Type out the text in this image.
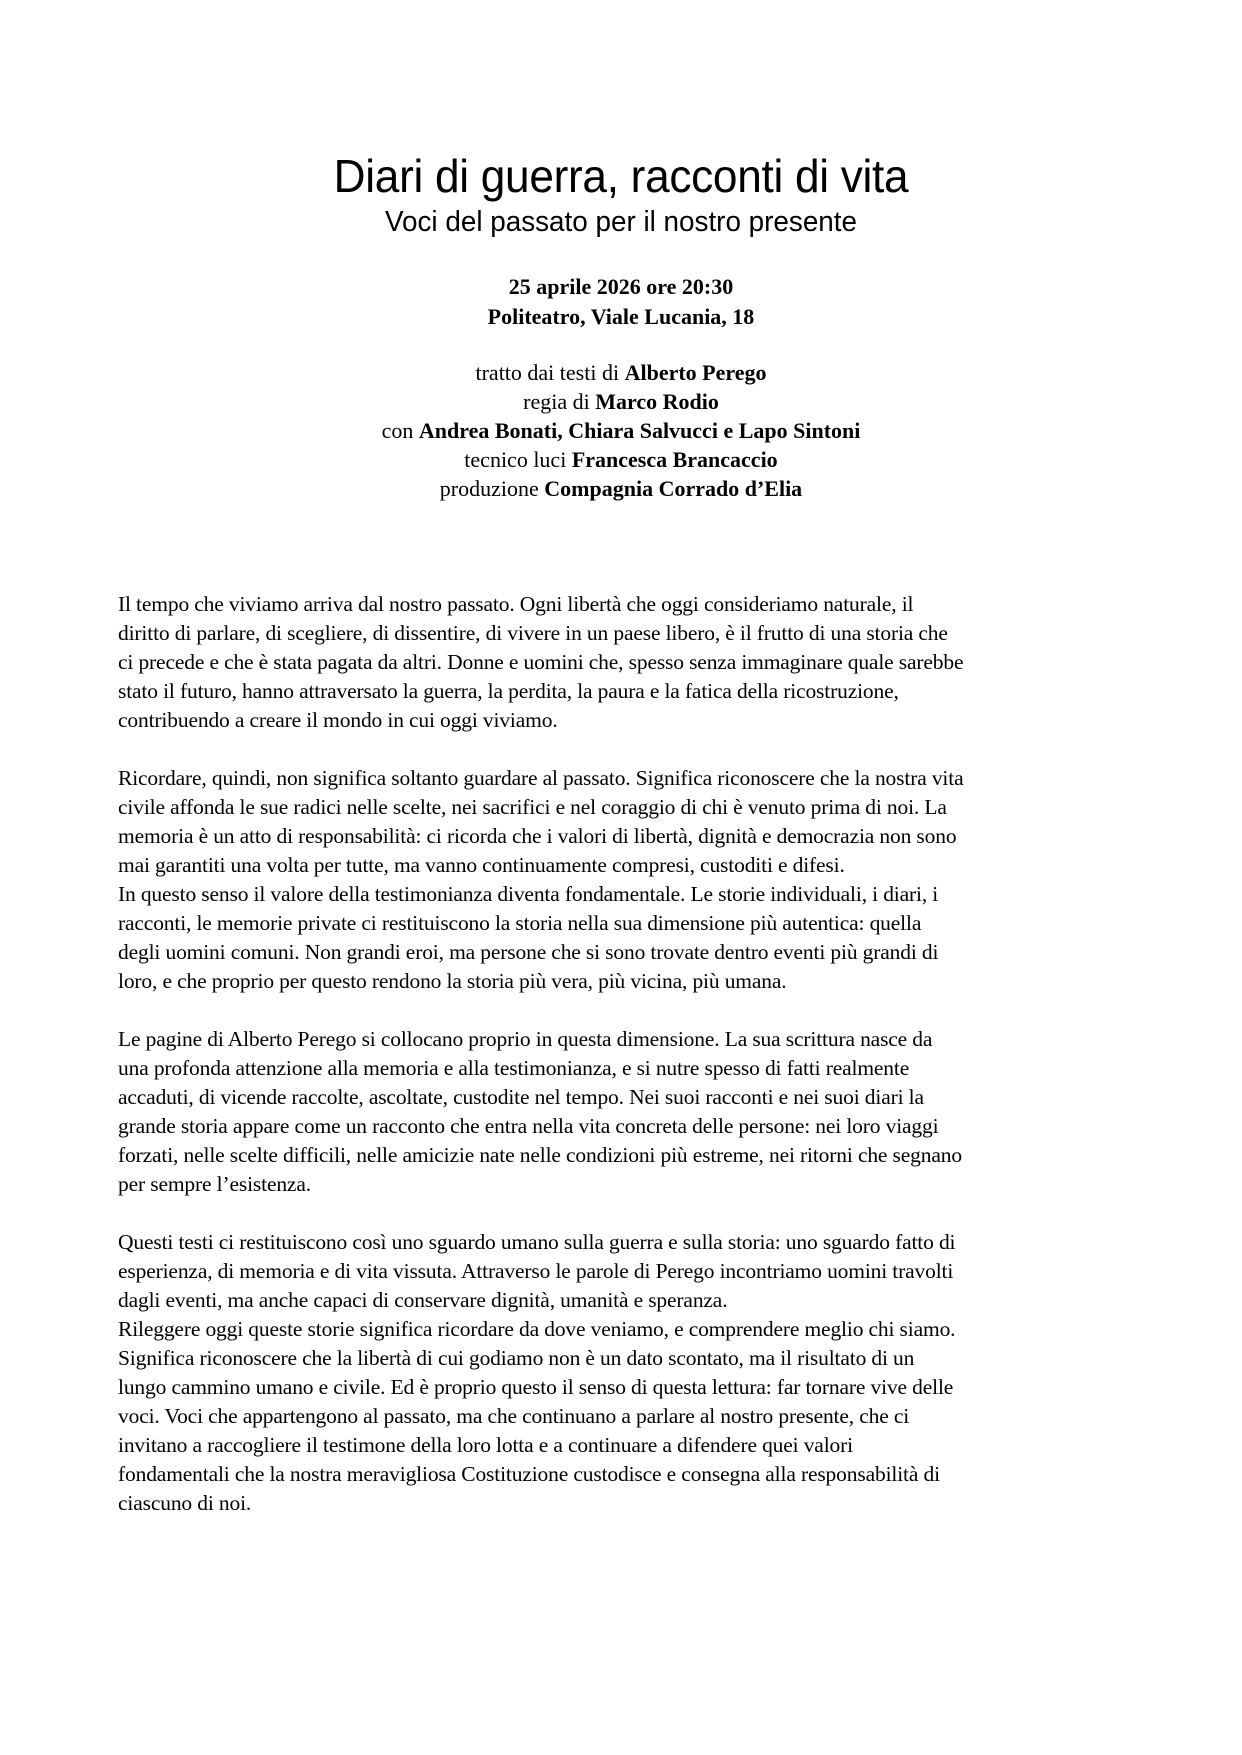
Diari di guerra, racconti di vita
Voci del passato per il nostro presente
25 aprile 2026 ore 20:30
Politeatro, Viale Lucania, 18
tratto dai testi di Alberto Perego
regia di Marco Rodio
con Andrea Bonati, Chiara Salvucci e Lapo Sintoni
tecnico luci Francesca Brancaccio
produzione Compagnia Corrado d’Elia
Il tempo che viviamo arriva dal nostro passato. Ogni libertà che oggi consideriamo naturale, il
diritto di parlare, di scegliere, di dissentire, di vivere in un paese libero, è il frutto di una storia che
ci precede e che è stata pagata da altri. Donne e uomini che, spesso senza immaginare quale sarebbe
stato il futuro, hanno attraversato la guerra, la perdita, la paura e la fatica della ricostruzione,
contribuendo a creare il mondo in cui oggi viviamo.
Ricordare, quindi, non significa soltanto guardare al passato. Significa riconoscere che la nostra vita
civile affonda le sue radici nelle scelte, nei sacrifici e nel coraggio di chi è venuto prima di noi. La
memoria è un atto di responsabilità: ci ricorda che i valori di libertà, dignità e democrazia non sono
mai garantiti una volta per tutte, ma vanno continuamente compresi, custoditi e difesi.
In questo senso il valore della testimonianza diventa fondamentale. Le storie individuali, i diari, i
racconti, le memorie private ci restituiscono la storia nella sua dimensione più autentica: quella
degli uomini comuni. Non grandi eroi, ma persone che si sono trovate dentro eventi più grandi di
loro, e che proprio per questo rendono la storia più vera, più vicina, più umana.
Le pagine di Alberto Perego si collocano proprio in questa dimensione. La sua scrittura nasce da
una profonda attenzione alla memoria e alla testimonianza, e si nutre spesso di fatti realmente
accaduti, di vicende raccolte, ascoltate, custodite nel tempo. Nei suoi racconti e nei suoi diari la
grande storia appare come un racconto che entra nella vita concreta delle persone: nei loro viaggi
forzati, nelle scelte difficili, nelle amicizie nate nelle condizioni più estreme, nei ritorni che segnano
per sempre l’esistenza.
Questi testi ci restituiscono così uno sguardo umano sulla guerra e sulla storia: uno sguardo fatto di
esperienza, di memoria e di vita vissuta. Attraverso le parole di Perego incontriamo uomini travolti
dagli eventi, ma anche capaci di conservare dignità, umanità e speranza.
Rileggere oggi queste storie significa ricordare da dove veniamo, e comprendere meglio chi siamo.
Significa riconoscere che la libertà di cui godiamo non è un dato scontato, ma il risultato di un
lungo cammino umano e civile. Ed è proprio questo il senso di questa lettura: far tornare vive delle
voci. Voci che appartengono al passato, ma che continuano a parlare al nostro presente, che ci
invitano a raccogliere il testimone della loro lotta e a continuare a difendere quei valori
fondamentali che la nostra meravigliosa Costituzione custodisce e consegna alla responsabilità di
ciascuno di noi.
